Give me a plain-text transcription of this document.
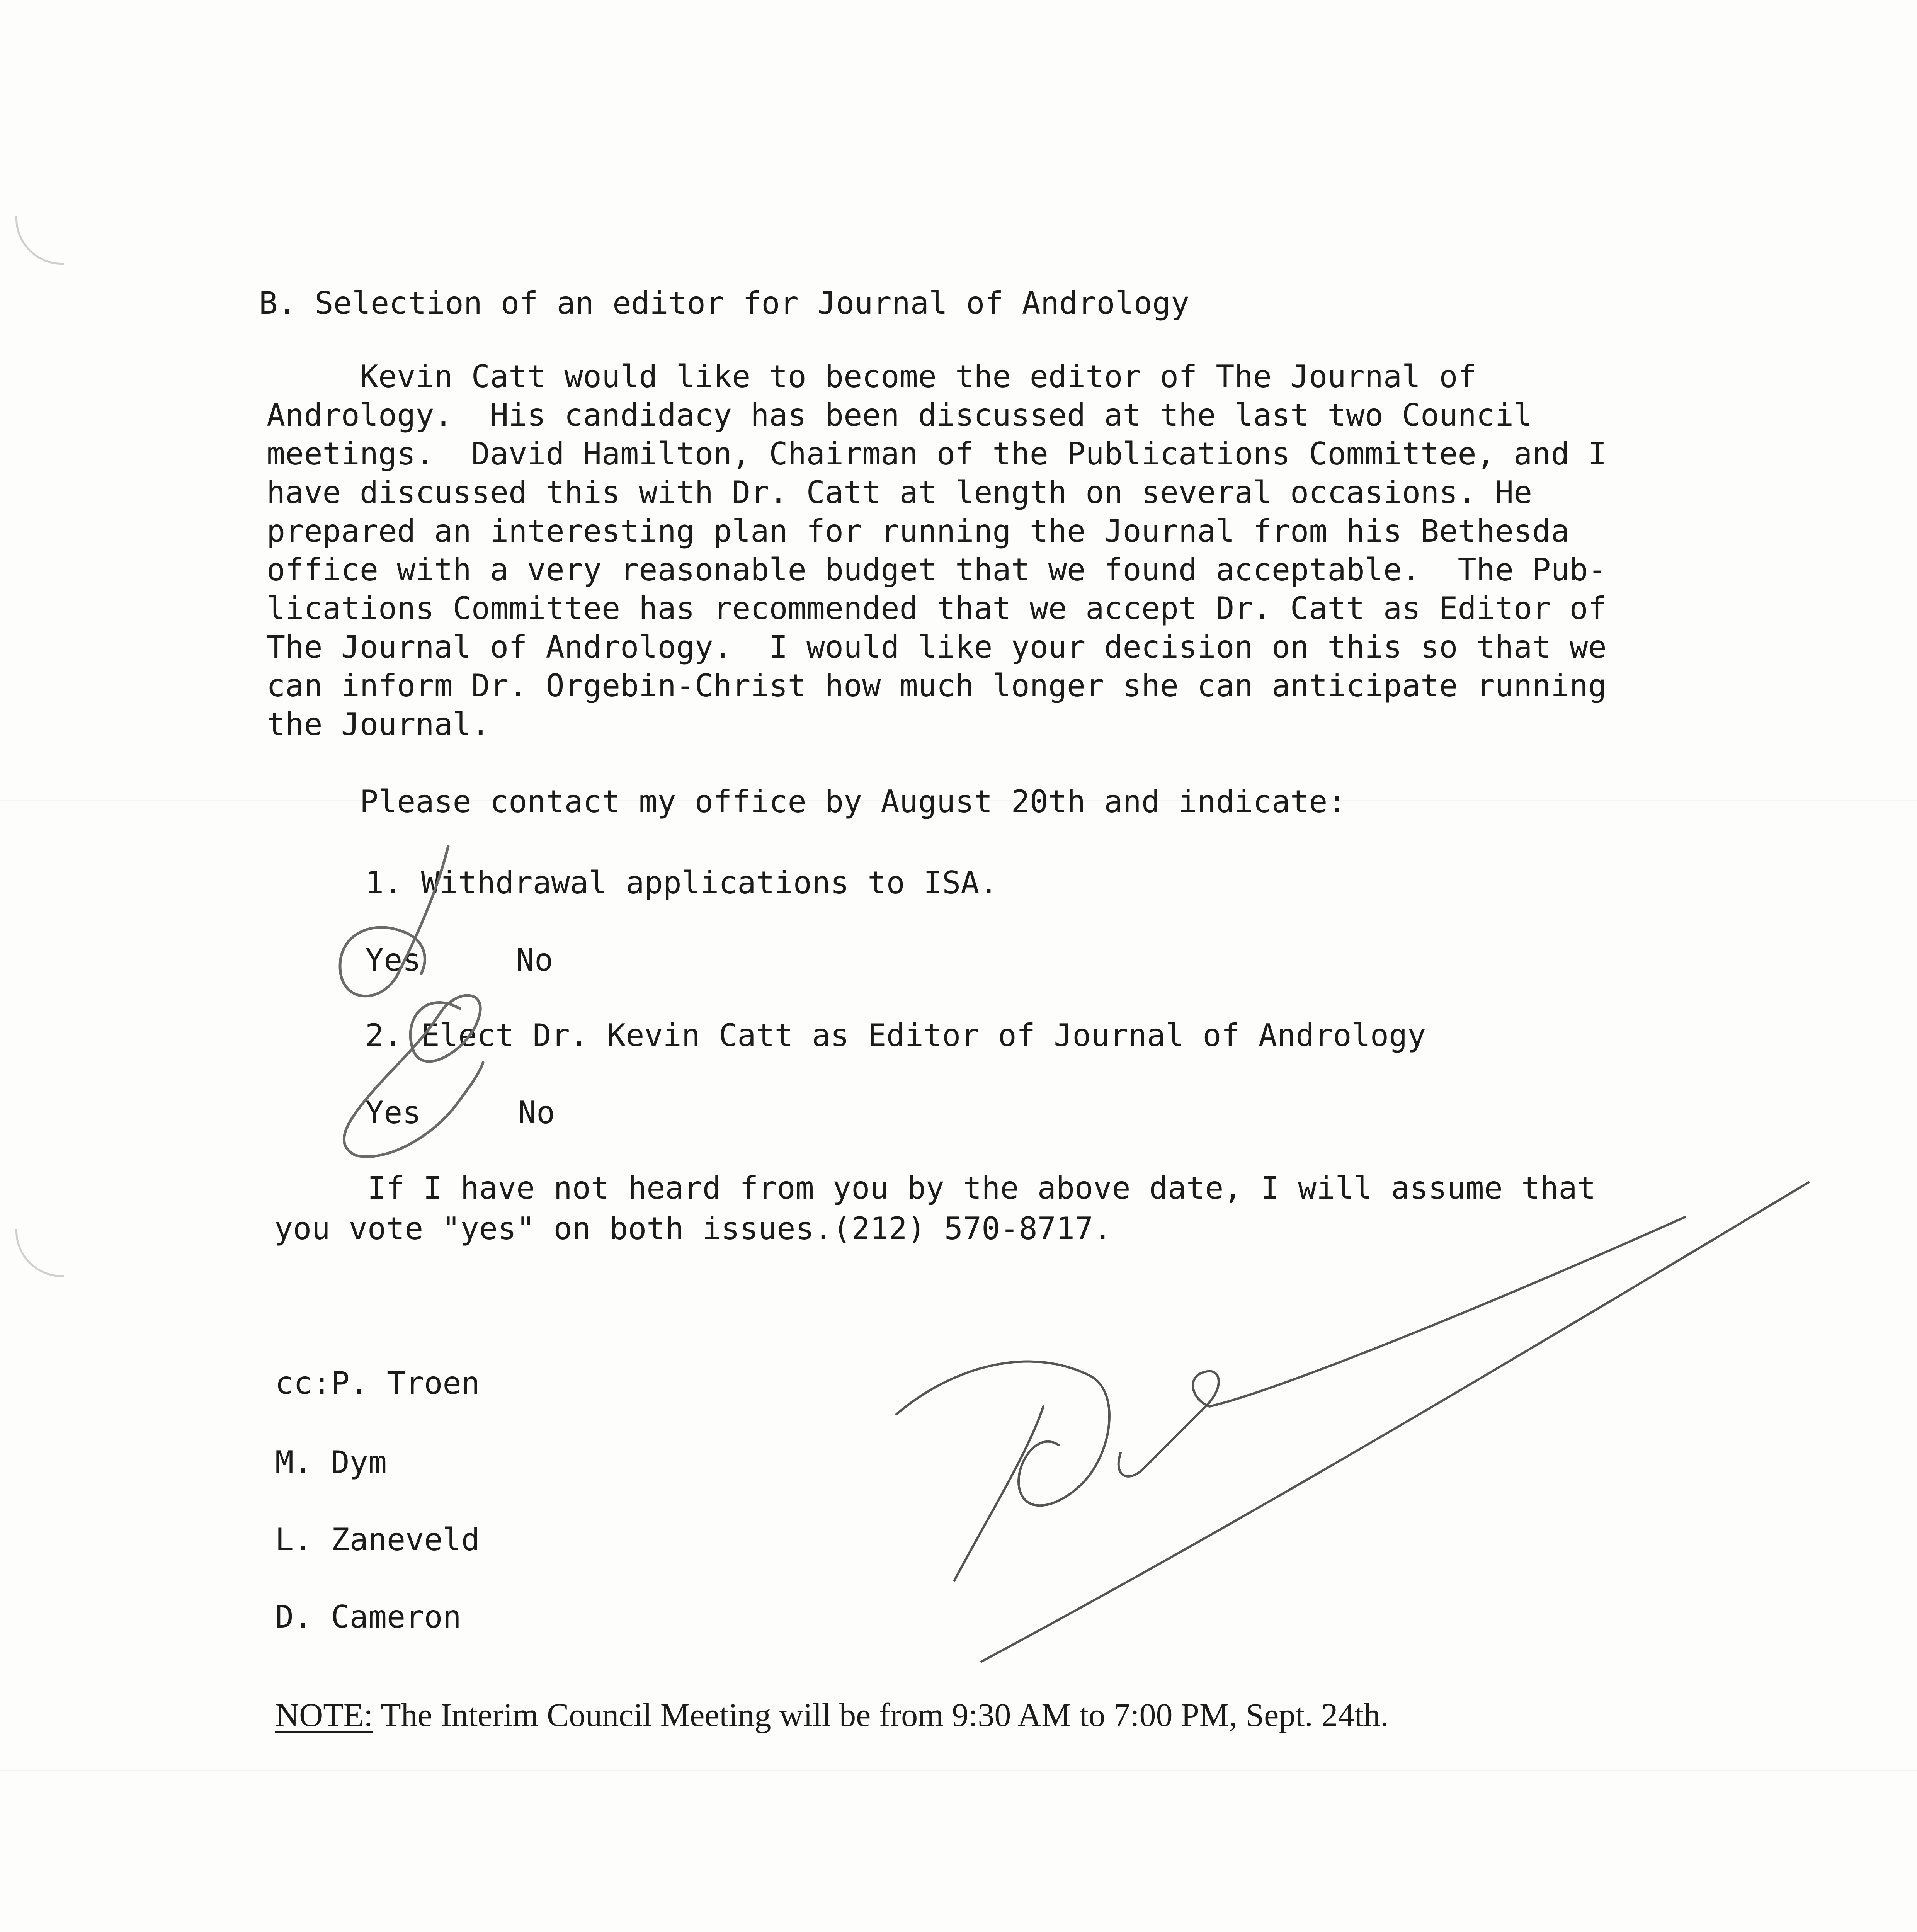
B. Selection of an editor for Journal of Andrology
Kevin Catt would like to become the editor of The Journal of
Andrology.  His candidacy has been discussed at the last two Council
meetings.  David Hamilton, Chairman of the Publications Committee, and I
have discussed this with Dr. Catt at length on several occasions. He
prepared an interesting plan for running the Journal from his Bethesda
office with a very reasonable budget that we found acceptable.  The Pub-
lications Committee has recommended that we accept Dr. Catt as Editor of
The Journal of Andrology.  I would like your decision on this so that we
can inform Dr. Orgebin-Christ how much longer she can anticipate running
the Journal.
Please contact my office by August 20th and indicate:
1. Withdrawal applications to ISA.
Yes	No
2. Elect Dr. Kevin Catt as Editor of Journal of Andrology
Yes	No
If I have not heard from you by the above date, I will assume that
you vote "yes" on both issues.(212) 570-8717.
cc:P. Troen
M. Dym
L. Zaneveld
D. Cameron
NOTE: The Interim Council Meeting will be from 9:30 AM to 7:00 PM, Sept. 24th.
